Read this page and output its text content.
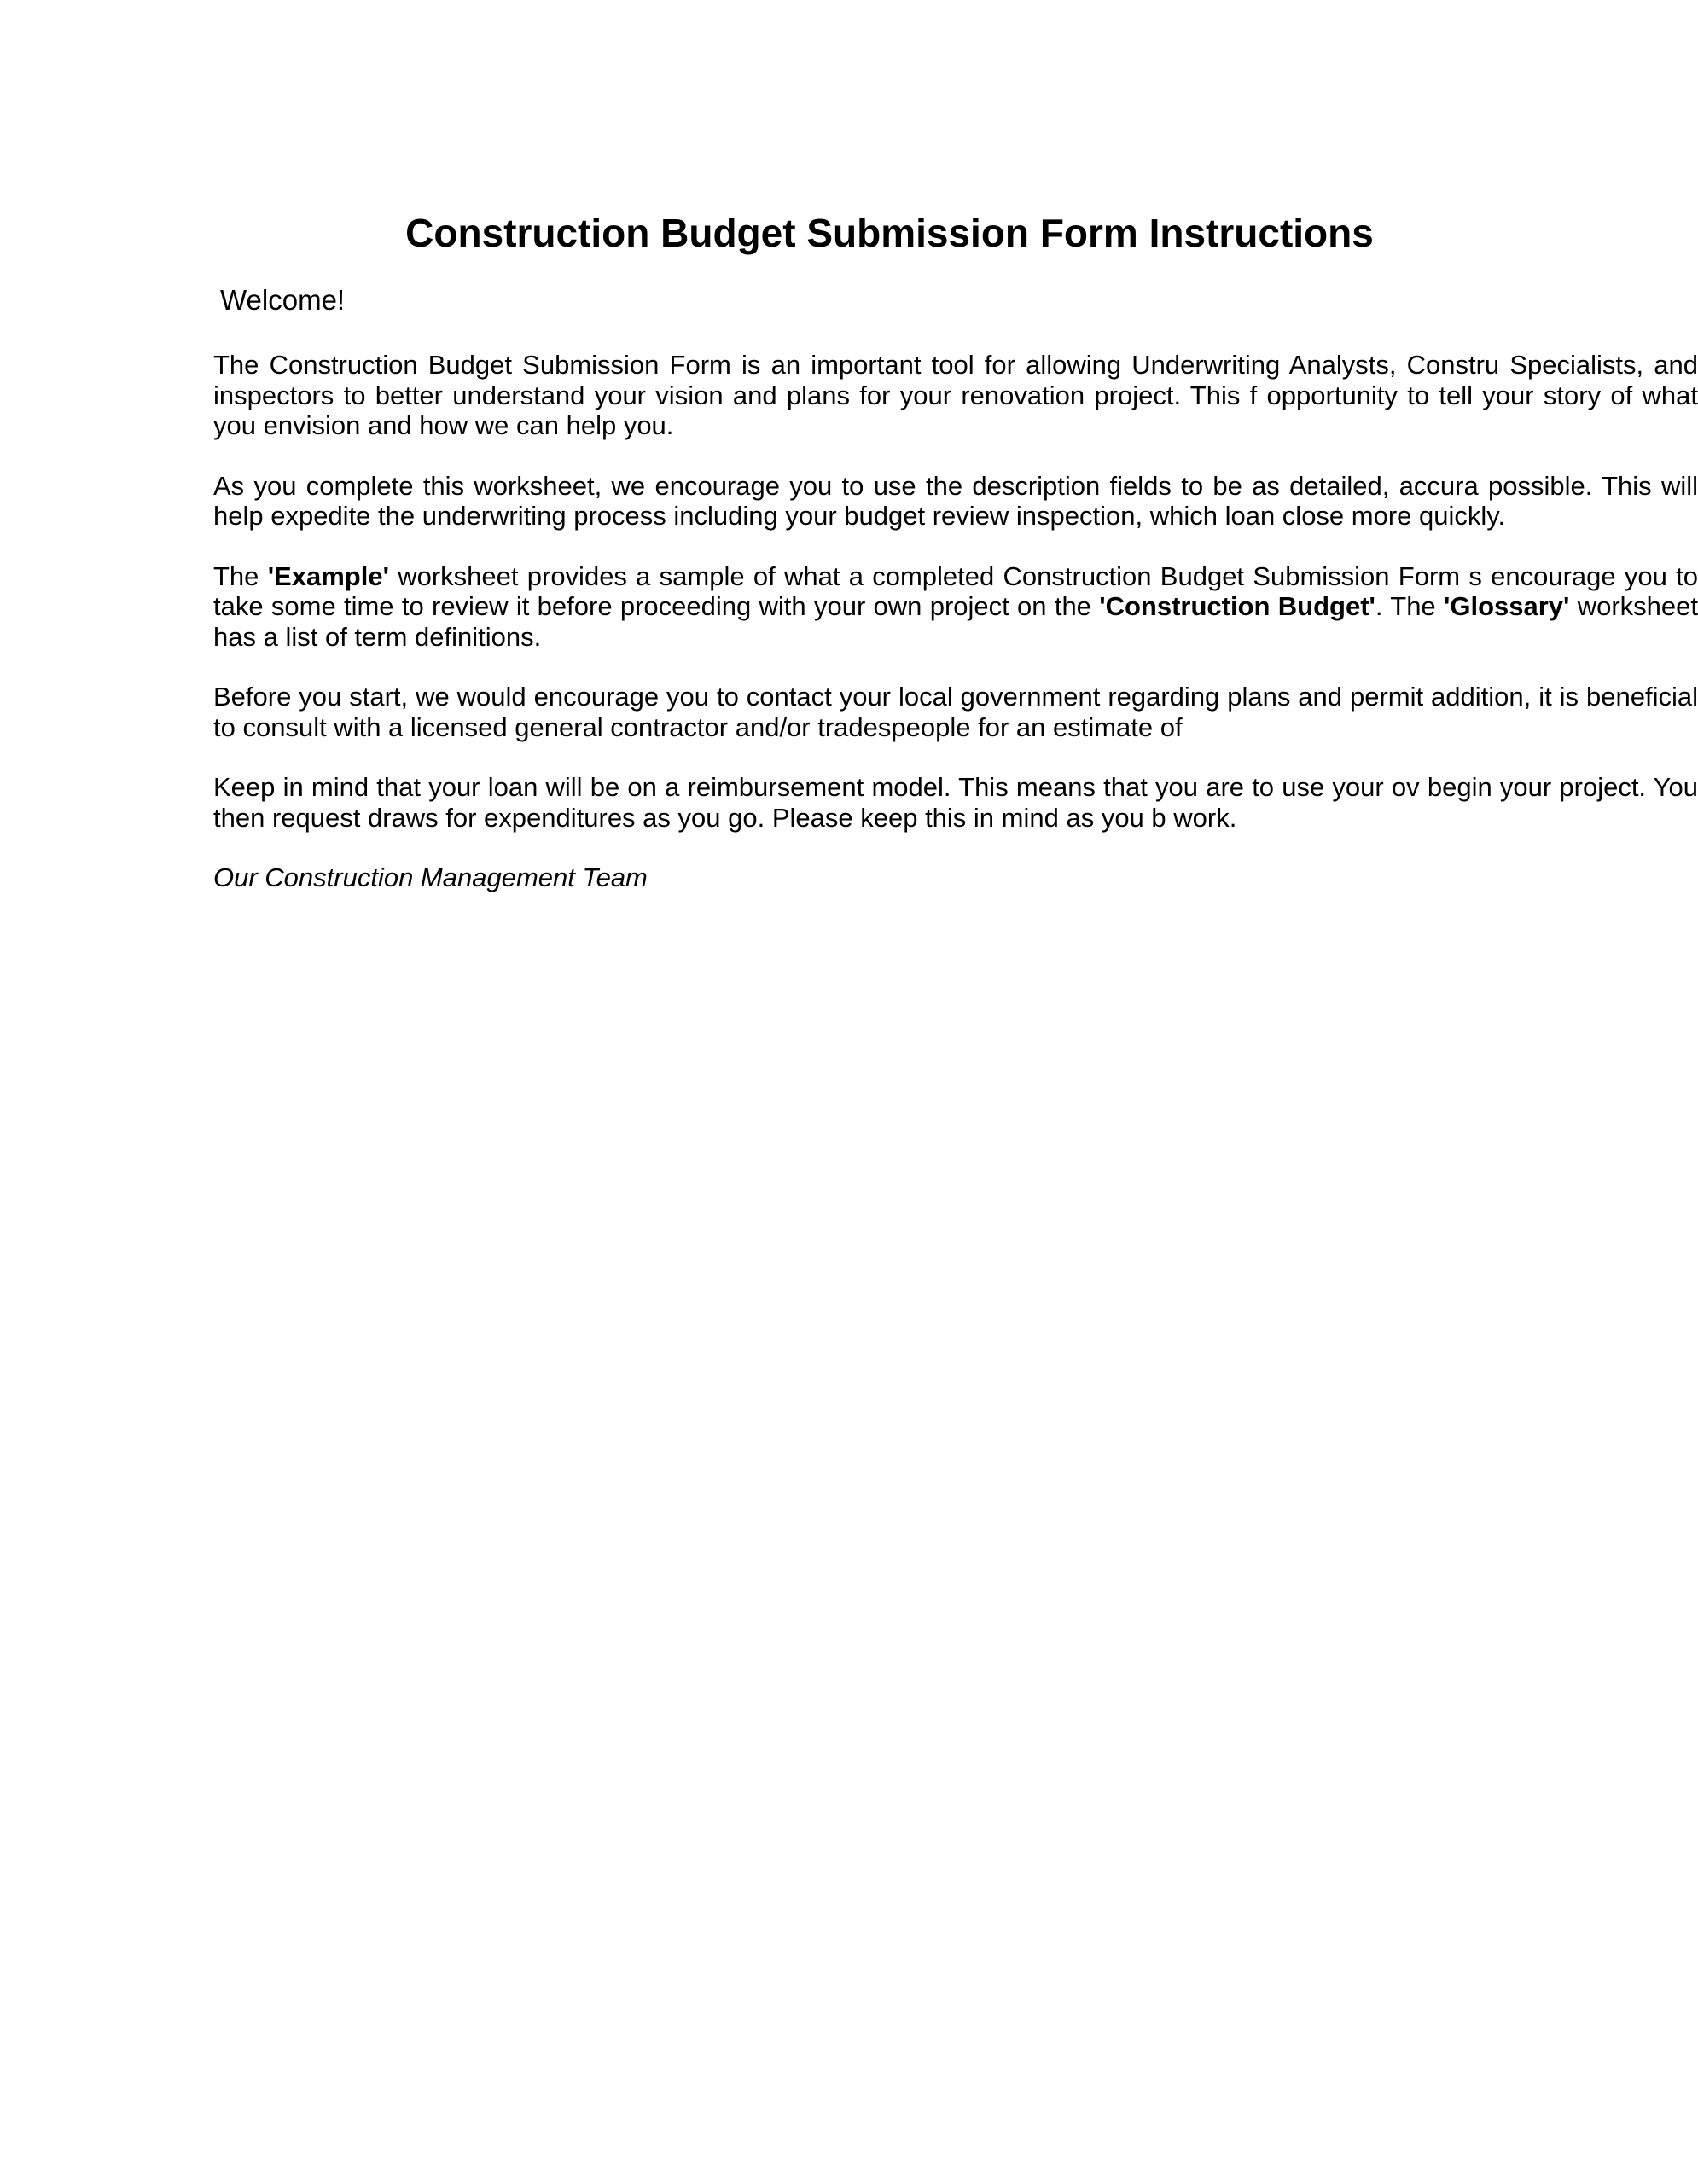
Construction Budget Submission Form Instructions

Welcome!

The Construction Budget Submission Form is an important tool for allowing Underwriting Analysts, Constru Specialists, and inspectors to better understand your vision and plans for your renovation project. This f opportunity to tell your story of what you envision and how we can help you.

As you complete this worksheet, we encourage you to use the description fields to be as detailed, accura possible. This will help expedite the underwriting process including your budget review inspection, which loan close more quickly.

The 'Example' worksheet provides a sample of what a completed Construction Budget Submission Form s encourage you to take some time to review it before proceeding with your own project on the 'Construction Budget'. The 'Glossary' worksheet has a list of term definitions.

Before you start, we would encourage you to contact your local government regarding plans and permit addition, it is beneficial to consult with a licensed general contractor and/or tradespeople for an estimate of

Keep in mind that your loan will be on a reimbursement model. This means that you are to use your ov begin your project. You then request draws for expenditures as you go. Please keep this in mind as you b work.

Our Construction Management Team
